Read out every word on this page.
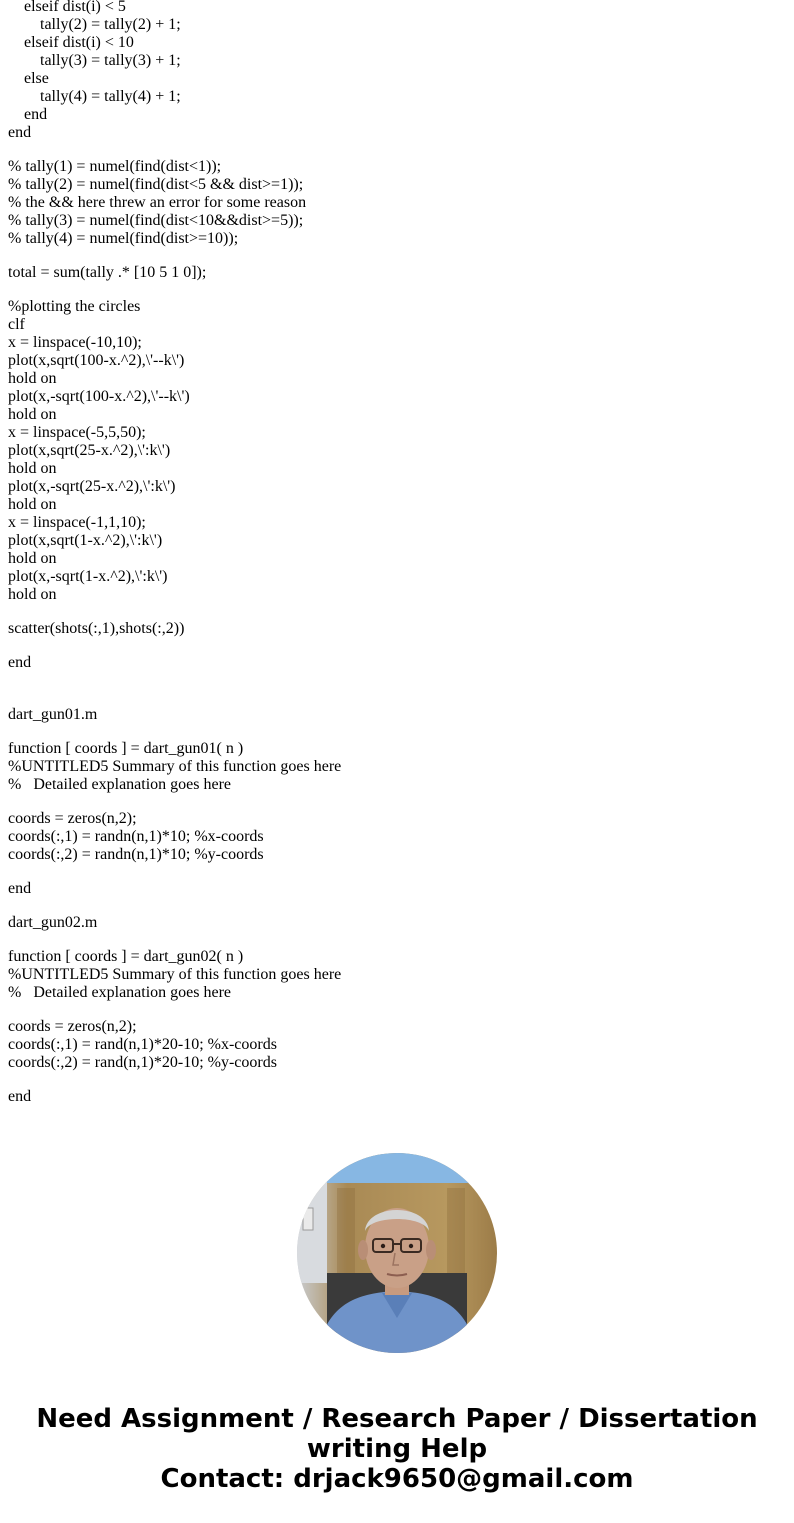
elseif dist(i) < 5
tally(2) = tally(2) + 1;
elseif dist(i) < 10
tally(3) = tally(3) + 1;
else
tally(4) = tally(4) + 1;
end
end
% tally(1) = numel(find(dist<1));
% tally(2) = numel(find(dist<5 && dist>=1));
% the && here threw an error for some reason
% tally(3) = numel(find(dist<10&&dist>=5));
% tally(4) = numel(find(dist>=10));
total = sum(tally .* [10 5 1 0]);
%plotting the circles
clf
x = linspace(-10,10);
plot(x,sqrt(100-x.^2),\'--k\')
hold on
plot(x,-sqrt(100-x.^2),\'--k\')
hold on
x = linspace(-5,5,50);
plot(x,sqrt(25-x.^2),\':k\')
hold on
plot(x,-sqrt(25-x.^2),\':k\')
hold on
x = linspace(-1,1,10);
plot(x,sqrt(1-x.^2),\':k\')
hold on
plot(x,-sqrt(1-x.^2),\':k\')
hold on
scatter(shots(:,1),shots(:,2))
end
dart_gun01.m
function [ coords ] = dart_gun01( n )
%UNTITLED5 Summary of this function goes here
%   Detailed explanation goes here
coords = zeros(n,2);
coords(:,1) = randn(n,1)*10; %x-coords
coords(:,2) = randn(n,1)*10; %y-coords
end
dart_gun02.m
function [ coords ] = dart_gun02( n )
%UNTITLED5 Summary of this function goes here
%   Detailed explanation goes here
coords = zeros(n,2);
coords(:,1) = rand(n,1)*20-10; %x-coords
coords(:,2) = rand(n,1)*20-10; %y-coords
end
Need Assignment / Research Paper / Dissertation
writing Help
Contact: drjack9650@gmail.com
